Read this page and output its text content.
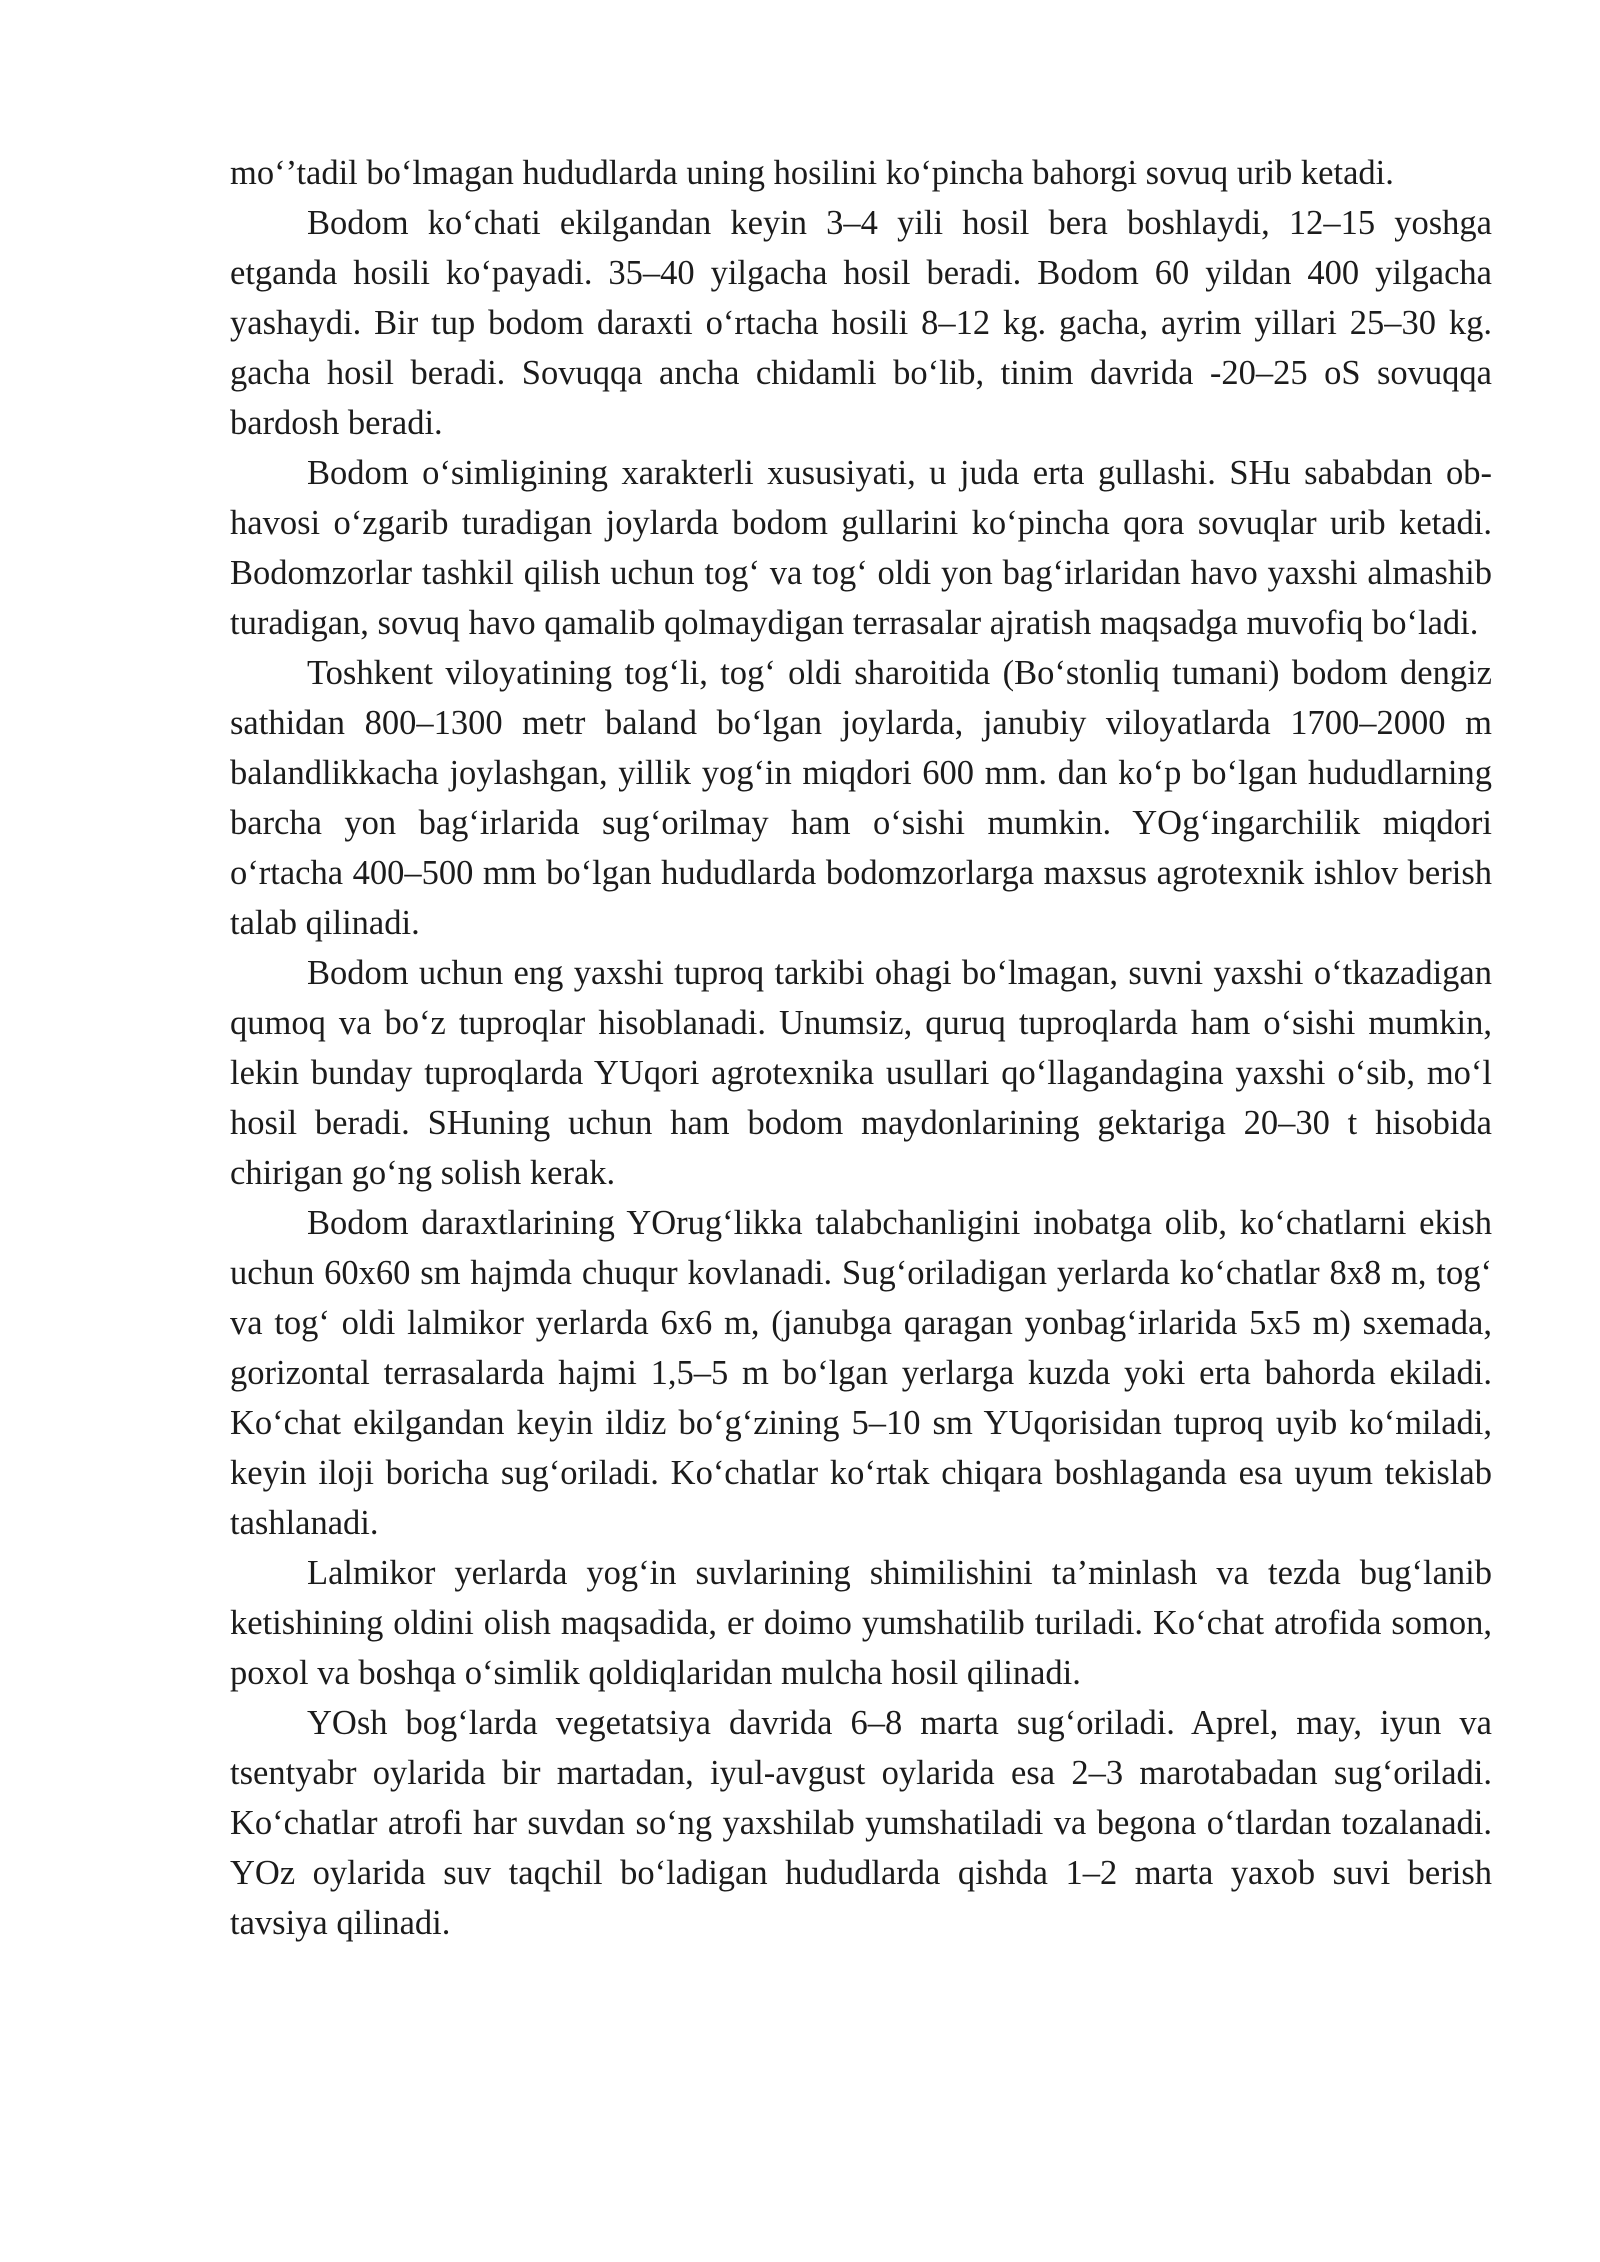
mo‘’tadil bo‘lmagan hududlarda uning hosilini ko‘pincha bahorgi sovuq urib ketadi.

Bodom ko‘chati ekilgandan keyin 3–4 yili hosil bera boshlaydi, 12–15 yoshga etganda hosili ko‘payadi. 35–40 yilgacha hosil beradi. Bodom 60 yildan 400 yilgacha yashaydi. Bir tup bodom daraxti o‘rtacha hosili 8–12 kg. gacha, ayrim yillari 25–30 kg. gacha hosil beradi. Sovuqqa ancha chidamli bo‘lib, tinim davrida -20–25 oS sovuqqa bardosh beradi.

Bodom o‘simligining xarakterli xususiyati, u juda erta gullashi. SHu sababdan ob-havosi o‘zgarib turadigan joylarda bodom gullarini ko‘pincha qora sovuqlar urib ketadi. Bodomzorlar tashkil qilish uchun tog‘ va tog‘ oldi yon bag‘irlaridan havo yaxshi almashib turadigan, sovuq havo qamalib qolmaydigan terrasalar ajratish maqsadga muvofiq bo‘ladi.

Toshkent viloyatining tog‘li, tog‘ oldi sharoitida (Bo‘stonliq tumani) bodom dengiz sathidan 800–1300 metr baland bo‘lgan joylarda, janubiy viloyatlarda 1700–2000 m balandlikkacha joylashgan, yillik yog‘in miqdori 600 mm. dan ko‘p bo‘lgan hududlarning barcha yon bag‘irlarida sug‘orilmay ham o‘sishi mumkin. YOg‘ingarchilik miqdori o‘rtacha 400–500 mm bo‘lgan hududlarda bodomzorlarga maxsus agrotexnik ishlov berish talab qilinadi.

Bodom uchun eng yaxshi tuproq tarkibi ohagi bo‘lmagan, suvni yaxshi o‘tkazadigan qumoq va bo‘z tuproqlar hisoblanadi. Unumsiz, quruq tuproqlarda ham o‘sishi mumkin, lekin bunday tuproqlarda YUqori agrotexnika usullari qo‘llagandagina yaxshi o‘sib, mo‘l hosil beradi. SHuning uchun ham bodom maydonlarining gektariga 20–30 t hisobida chirigan go‘ng solish kerak.

Bodom daraxtlarining YOrug‘likka talabchanligini inobatga olib, ko‘chatlarni ekish uchun 60x60 sm hajmda chuqur kovlanadi. Sug‘oriladigan yerlarda ko‘chatlar 8x8 m, tog‘ va tog‘ oldi lalmikor yerlarda 6x6 m, (janubga qaragan yonbag‘irlarida 5x5 m) sxemada, gorizontal terrasalarda hajmi 1,5–5 m bo‘lgan yerlarga kuzda yoki erta bahorda ekiladi. Ko‘chat ekilgandan keyin ildiz bo‘g‘zining 5–10 sm YUqorisidan tuproq uyib ko‘miladi, keyin iloji boricha sug‘oriladi. Ko‘chatlar ko‘rtak chiqara boshlaganda esa uyum tekislab tashlanadi.

Lalmikor yerlarda yog‘in suvlarining shimilishini ta’minlash va tezda bug‘lanib ketishining oldini olish maqsadida, er doimo yumshatilib turiladi. Ko‘chat atrofida somon, poxol va boshqa o‘simlik qoldiqlaridan mulcha hosil qilinadi.

YOsh bog‘larda vegetatsiya davrida 6–8 marta sug‘oriladi. Aprel, may, iyun va tsentyabr oylarida bir martadan, iyul-avgust oylarida esa 2–3 marotabadan sug‘oriladi. Ko‘chatlar atrofi har suvdan so‘ng yaxshilab yumshatiladi va begona o‘tlardan tozalanadi. YOz oylarida suv taqchil bo‘ladigan hududlarda qishda 1–2 marta yaxob suvi berish tavsiya qilinadi.
